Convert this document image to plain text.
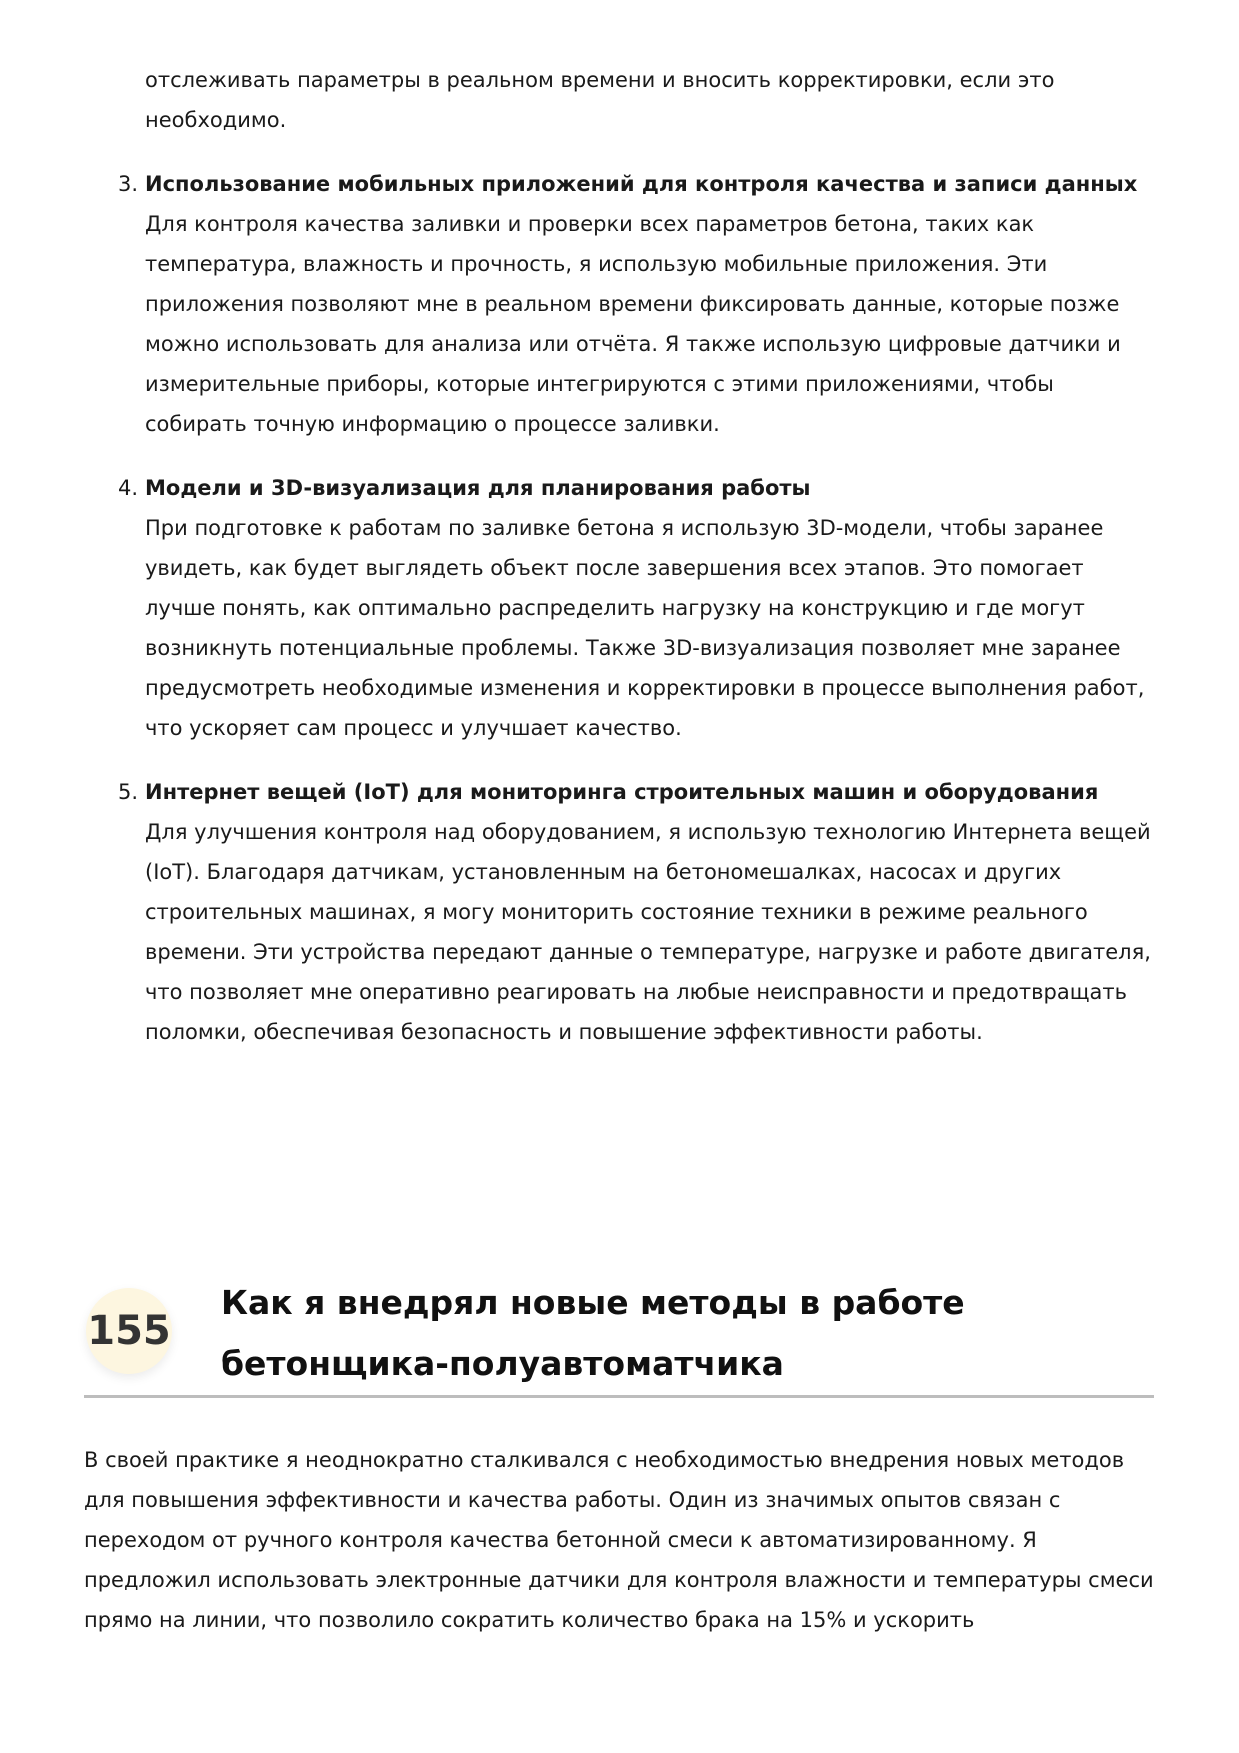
отслеживать параметры в реальном времени и вносить корректировки, если это необходимо.

3. Использование мобильных приложений для контроля качества и записи данных

Для контроля качества заливки и проверки всех параметров бетона, таких как температура, влажность и прочность, я использую мобильные приложения. Эти приложения позволяют мне в реальном времени фиксировать данные, которые позже можно использовать для анализа или отчёта. Я также использую цифровые датчики и измерительные приборы, которые интегрируются с этими приложениями, чтобы собирать точную информацию о процессе заливки.

4. Модели и 3D-визуализация для планирования работы

При подготовке к работам по заливке бетона я использую 3D-модели, чтобы заранее увидеть, как будет выглядеть объект после завершения всех этапов. Это помогает лучше понять, как оптимально распределить нагрузку на конструкцию и где могут возникнуть потенциальные проблемы. Также 3D-визуализация позволяет мне заранее предусмотреть необходимые изменения и корректировки в процессе выполнения работ, что ускоряет сам процесс и улучшает качество.

5. Интернет вещей (IoT) для мониторинга строительных машин и оборудования

Для улучшения контроля над оборудованием, я использую технологию Интернета вещей (IoT). Благодаря датчикам, установленным на бетономешалках, насосах и других строительных машинах, я могу мониторить состояние техники в режиме реального времени. Эти устройства передают данные о температуре, нагрузке и работе двигателя, что позволяет мне оперативно реагировать на любые неисправности и предотвращать поломки, обеспечивая безопасность и повышение эффективности работы.

155
Как я внедрял новые методы в работе
бетонщика-полуавтоматчика

В своей практике я неоднократно сталкивался с необходимостью внедрения новых методов для повышения эффективности и качества работы. Один из значимых опытов связан с переходом от ручного контроля качества бетонной смеси к автоматизированному. Я предложил использовать электронные датчики для контроля влажности и температуры смеси прямо на линии, что позволило сократить количество брака на 15% и ускорить
